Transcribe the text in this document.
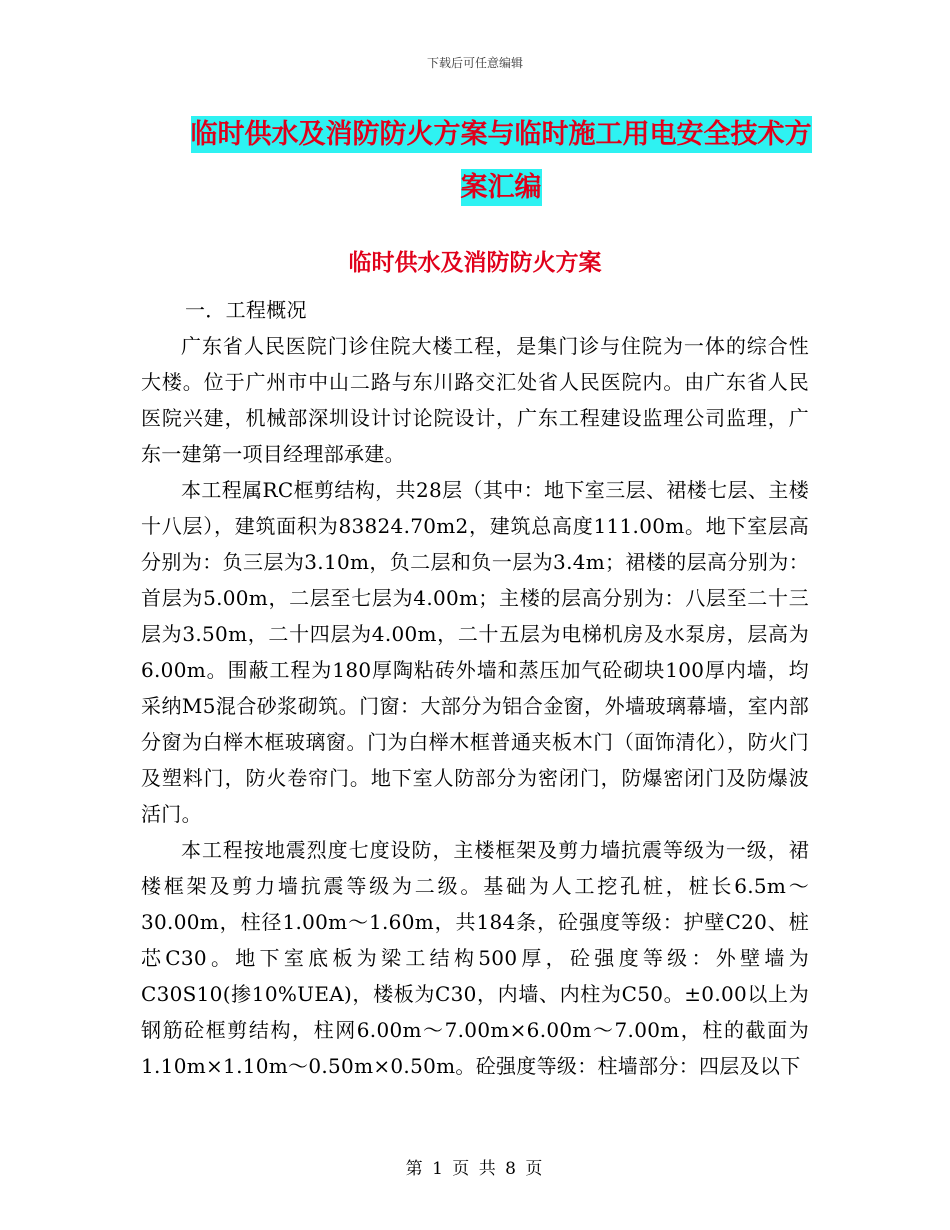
下载后可任意编辑
临时供水及消防防火方案与临时施工用电安全技术方案汇编
临时供水及消防防火方案

一．工程概况

广东省人民医院门诊住院大楼工程，是集门诊与住院为一体的综合性大楼。位于广州市中山二路与东川路交汇处省人民医院内。由广东省人民医院兴建，机械部深圳设计讨论院设计，广东工程建设监理公司监理，广东一建第一项目经理部承建。

本工程属RC框剪结构，共28层（其中：地下室三层、裙楼七层、主楼十八层），建筑面积为83824.70m2，建筑总高度111.00m。地下室层高分别为：负三层为3.10m，负二层和负一层为3.4m；裙楼的层高分别为：首层为5.00m，二层至七层为4.00m；主楼的层高分别为：八层至二十三层为3.50m，二十四层为4.00m，二十五层为电梯机房及水泵房，层高为6.00m。围蔽工程为180厚陶粘砖外墙和蒸压加气砼砌块100厚内墙，均采纳M5混合砂浆砌筑。门窗：大部分为铝合金窗，外墙玻璃幕墙，室内部分窗为白榉木框玻璃窗。门为白榉木框普通夹板木门（面饰清化），防火门及塑料门，防火卷帘门。地下室人防部分为密闭门，防爆密闭门及防爆波活门。

本工程按地震烈度七度设防，主楼框架及剪力墙抗震等级为一级，裙楼框架及剪力墙抗震等级为二级。基础为人工挖孔桩，桩长6.5m～30.00m，柱径1.00m～1.60m，共184条，砼强度等级：护壁C20、桩芯C30。地下室底板为梁工结构500厚，砼强度等级：外壁墙为C30S10(掺10%UEA)，楼板为C30，内墙、内柱为C50。±0.00以上为钢筋砼框剪结构，柱网6.00m～7.00m×6.00m～7.00m，柱的截面为1.10m×1.10m～0.50m×0.50m。砼强度等级：柱墙部分：四层及以下

第 1 页 共 8 页
